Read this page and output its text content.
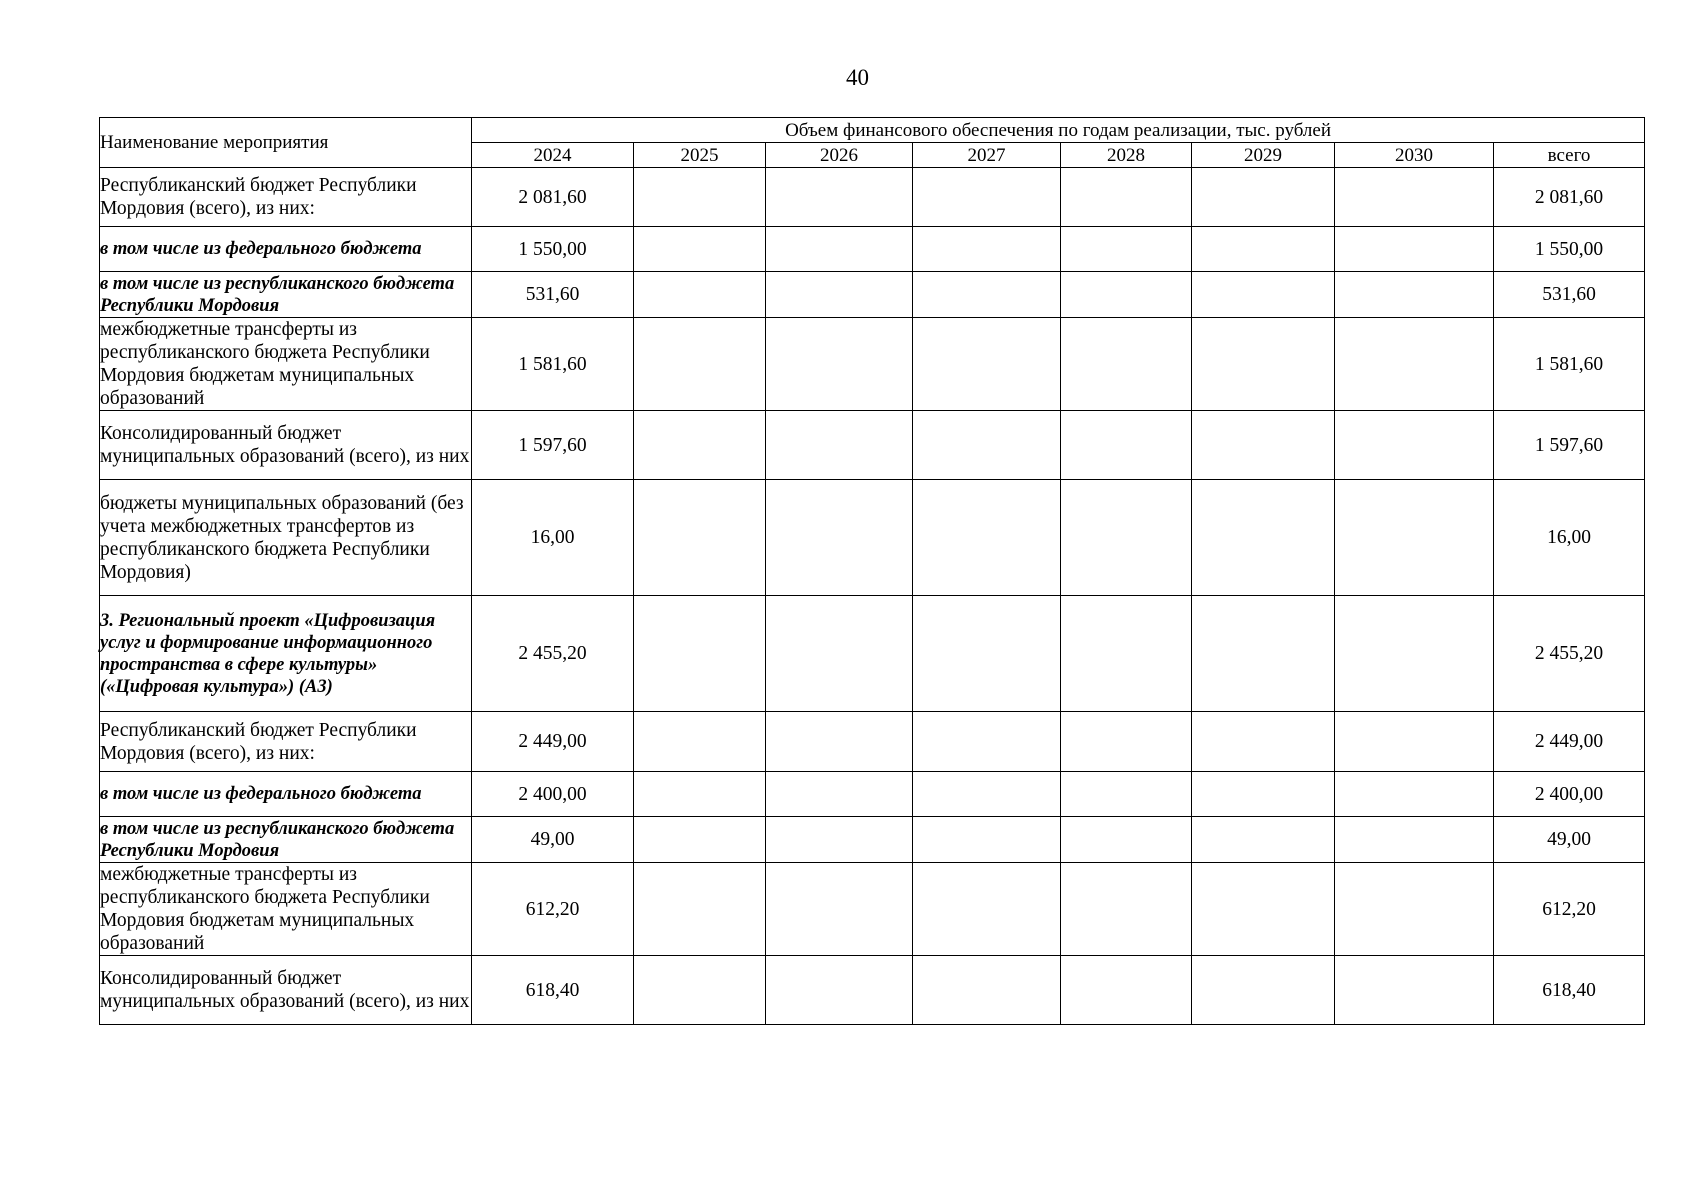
40
Наименование мероприятия	Объем финансового обеспечения по годам реализации, тыс. рублей							
	2024	2025	2026	2027	2028	2029	2030	всего
Республиканский бюджет Республики Мордовия (всего), из них:	2 081,60							2 081,60
в том числе из федерального бюджета	1 550,00							1 550,00
в том числе из республиканского бюджета Республики Мордовия	531,60							531,60
межбюджетные трансферты из республиканского бюджета Республики Мордовия бюджетам муниципальных образований	1 581,60							1 581,60
Консолидированный бюджет муниципальных образований (всего), из них	1 597,60							1 597,60
бюджеты муниципальных образований (без учета межбюджетных трансфертов из республиканского бюджета Республики Мордовия)	16,00							16,00
3. Региональный проект «Цифровизация услуг и формирование информационного пространства в сфере культуры» («Цифровая культура») (А3)	2 455,20							2 455,20
Республиканский бюджет Республики Мордовия (всего), из них:	2 449,00							2 449,00
в том числе из федерального бюджета	2 400,00							2 400,00
в том числе из республиканского бюджета Республики Мордовия	49,00							49,00
межбюджетные трансферты из республиканского бюджета Республики Мордовия бюджетам муниципальных образований	612,20							612,20
Консолидированный бюджет муниципальных образований (всего), из них	618,40							618,40
